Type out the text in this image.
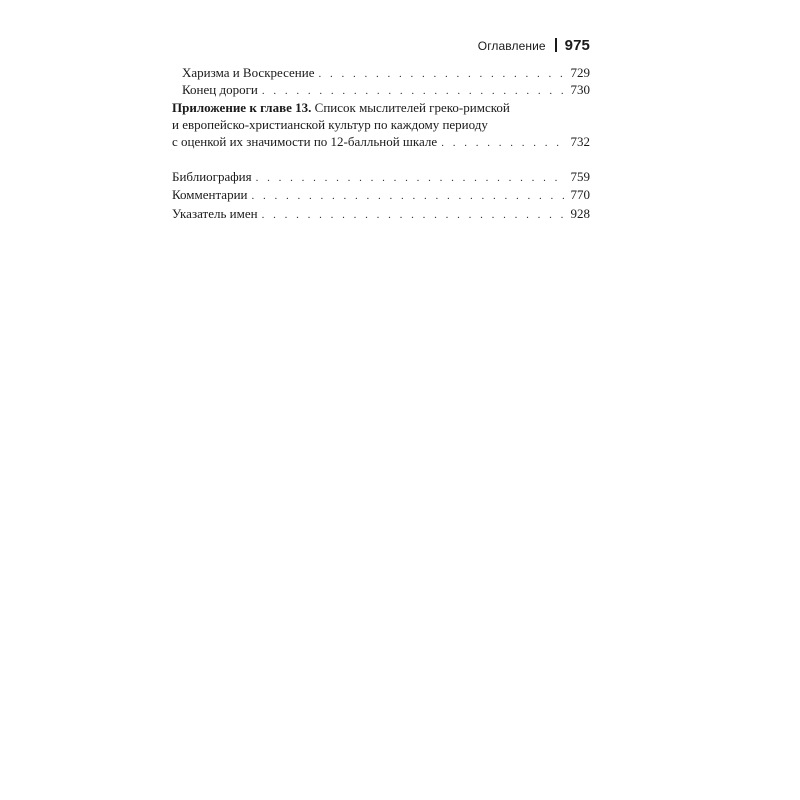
Оглавление 975
Харизма и Воскресение . . .	729
Конец дороги . . .	730
Приложение к главе 13. Список мыслителей греко-римской
и европейско-христианской культур по каждому периоду
с оценкой их значимости по 12-балльной шкале . . .	732
Библиография . . .	759
Комментарии . . .	770
Указатель имен . . .	928
